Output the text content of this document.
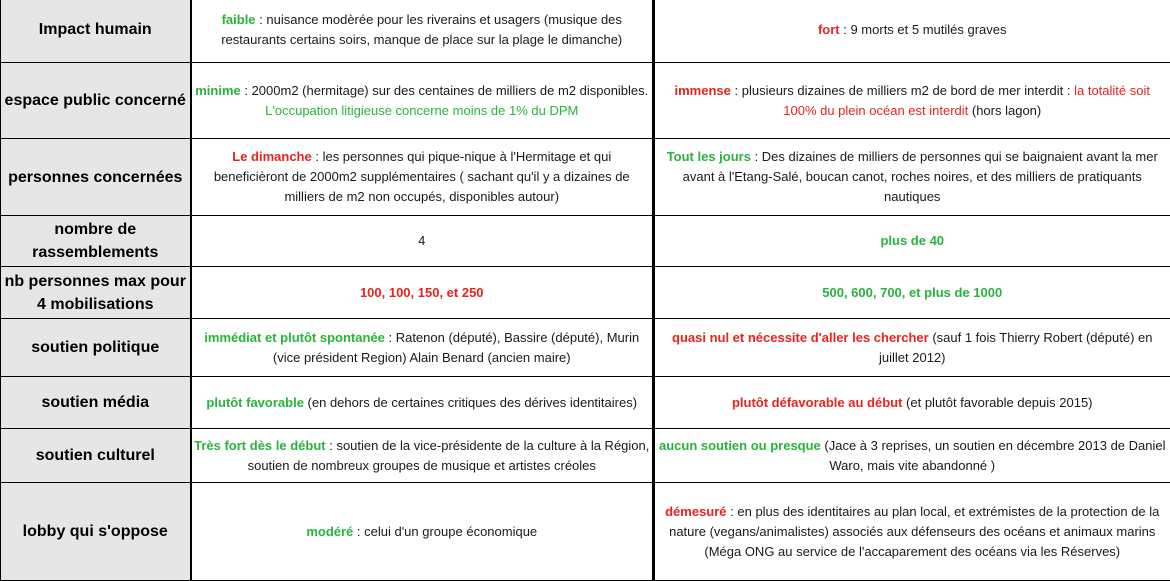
Impact humain	faible : nuisance modèrée pour les riverains et usagers (musique des restaurants certains soirs, manque de place sur la plage le dimanche)	fort : 9 morts et 5 mutilés graves
espace public concerné	minime : 2000m2 (hermitage) sur des centaines de milliers de m2 disponibles. L'occupation litigieuse concerne moins de 1% du DPM	immense : plusieurs dizaines de milliers m2 de bord de mer interdit : la totalité soit 100% du plein océan est interdit (hors lagon)
personnes concernées	Le dimanche : les personnes qui pique-nique à l'Hermitage et qui beneficièront de 2000m2 supplémentaires ( sachant qu'il y a dizaines de milliers de m2 non occupés, disponibles autour)	Tout les jours : Des dizaines de milliers de personnes qui se baignaient avant la mer avant à l'Etang-Salé, boucan canot, roches noires, et des milliers de pratiquants nautiques
nombre de rassemblements	4	plus de 40
nb personnes max pour 4 mobilisations	100, 100, 150, et 250	500, 600, 700, et plus de 1000
soutien politique	immédiat et plutôt spontanée : Ratenon (député), Bassire (député), Murin (vice président Region) Alain Benard (ancien maire)	quasi nul et nécessite d'aller les chercher (sauf 1 fois Thierry Robert (député) en juillet 2012)
soutien média	plutôt favorable (en dehors de certaines critiques des dérives identitaires)	plutôt défavorable au début (et plutôt favorable depuis 2015)
soutien culturel	Très fort dès le début : soutien de la vice-présidente de la culture à la Région, soutien de nombreux groupes de musique et artistes créoles	aucun soutien ou presque (Jace à 3 reprises, un soutien en décembre 2013 de Daniel Waro, mais vite abandonné )
lobby qui s'oppose	modéré : celui d'un groupe économique	démesuré : en plus des identitaires au plan local, et extrémistes de la protection de la nature (vegans/animalistes) associés aux défenseurs des océans et animaux marins (Méga ONG au service de l'accaparement des océans via les Réserves)
